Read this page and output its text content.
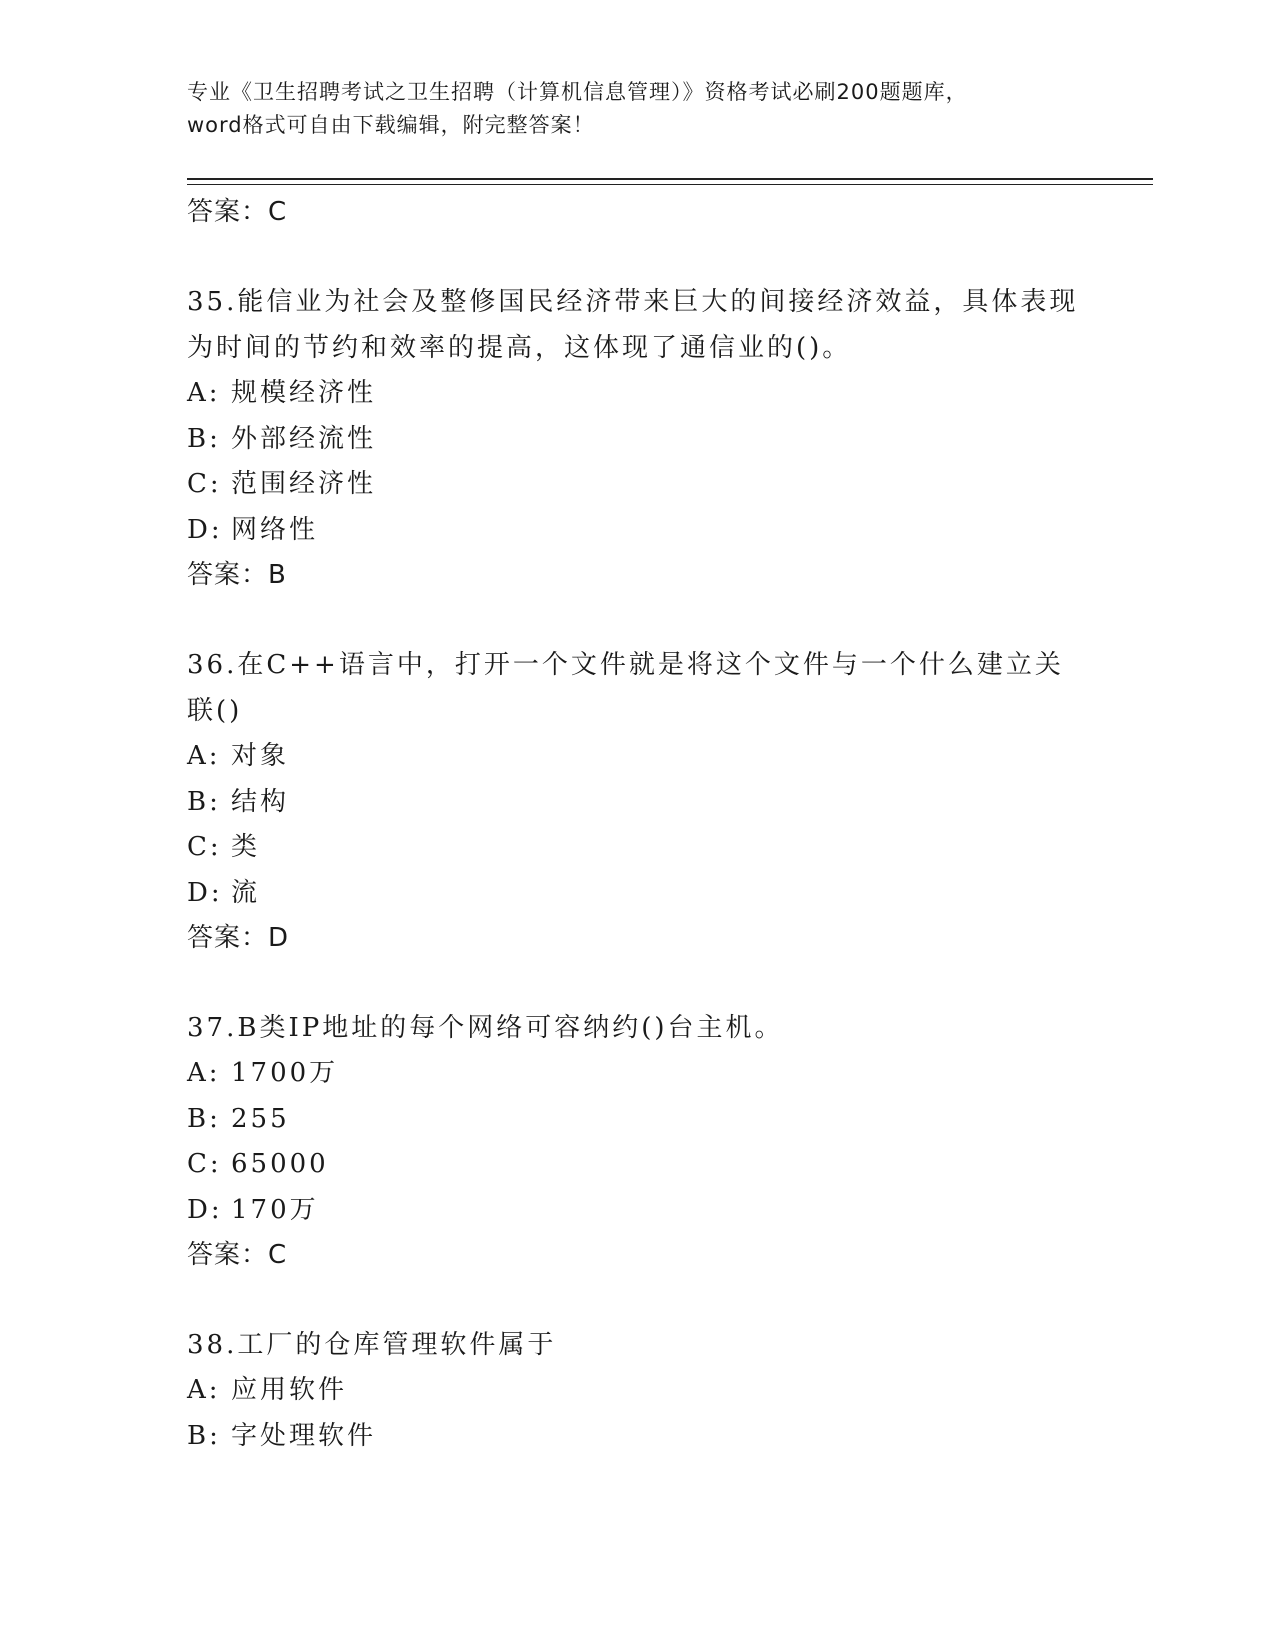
专业《卫生招聘考试之卫生招聘（计算机信息管理）》资格考试必刷200题题库，
word格式可自由下载编辑，附完整答案！
答案：C
35.能信业为社会及整修国民经济带来巨大的间接经济效益，具体表现为时间的节约和效率的提高，这体现了通信业的()。
A: 规模经济性
B: 外部经流性
C: 范围经济性
D: 网络性
答案：B
36.在C++语言中，打开一个文件就是将这个文件与一个什么建立关联()
A: 对象
B: 结构
C: 类
D: 流
答案：D
37.B类IP地址的每个网络可容纳约()台主机。
A: 1700万
B: 255
C: 65000
D: 170万
答案：C
38.工厂的仓库管理软件属于
A: 应用软件
B: 字处理软件
